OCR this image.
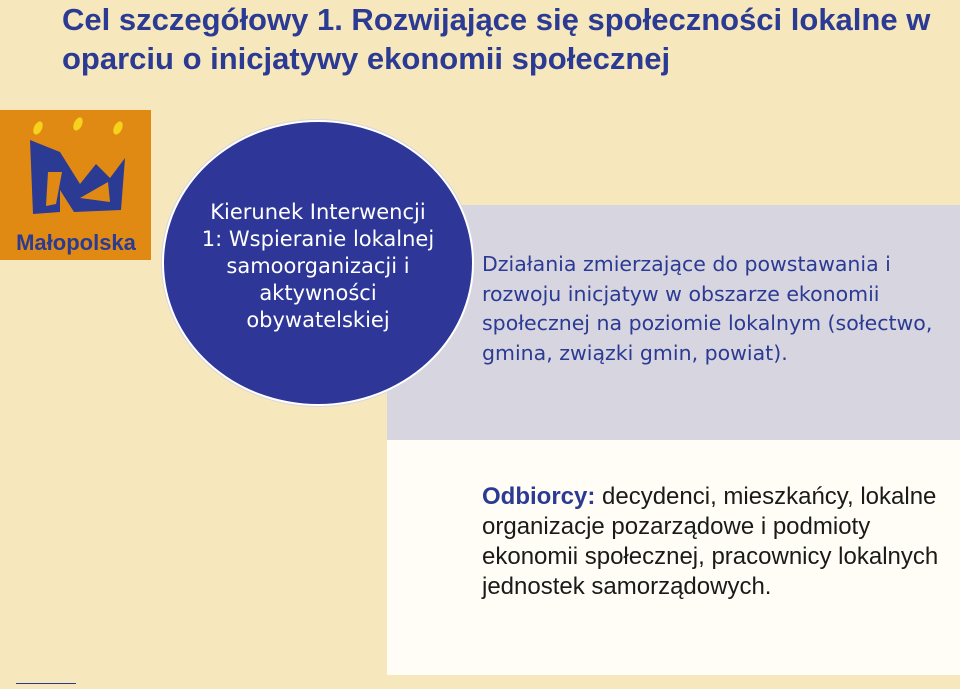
Cel szczegółowy 1. Rozwijające się społeczności lokalne w oparciu o inicjatywy ekonomii społecznej
Małopolska
Kierunek Interwencji 1: Wspieranie lokalnej samoorganizacji i aktywności obywatelskiej
Działania zmierzające do powstawania i rozwoju inicjatyw w obszarze ekonomii społecznej na poziomie lokalnym (sołectwo, gmina, związki gmin, powiat).
Odbiorcy: decydenci, mieszkańcy, lokalne organizacje pozarządowe i podmioty ekonomii społecznej, pracownicy lokalnych jednostek samorządowych.
